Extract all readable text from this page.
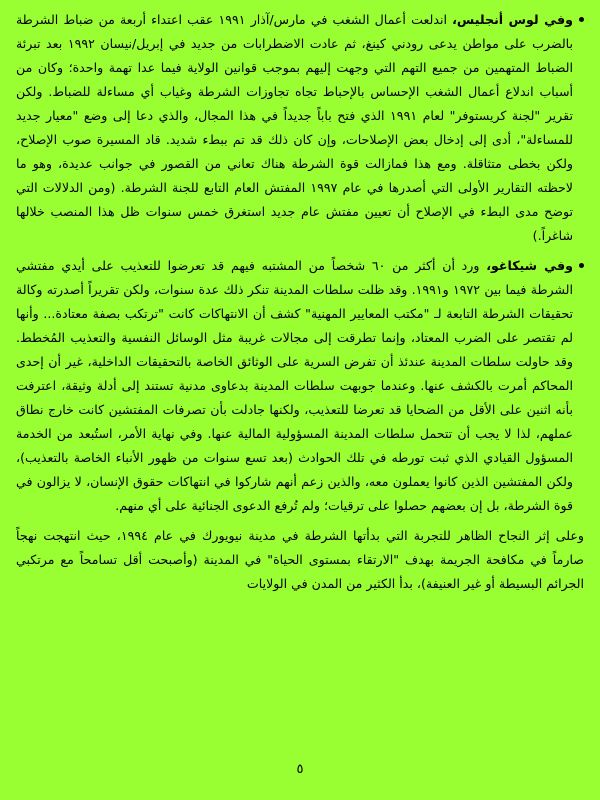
وفي لوس أنجليس، اندلعت أعمال الشغب في مارس/آذار ١٩٩١ عقب اعتداء أربعة من ضباط الشرطة بالضرب على مواطن يدعى رودني كينغ، ثم عادت الاضطرابات من جديد في إبريل/نيسان ١٩٩٢ بعد تبرئة الضباط المتهمين من جميع التهم التي وجهت إليهم بموجب قوانين الولاية فيما عدا تهمة واحدة؛ وكان من أسباب اندلاع أعمال الشغب الإحساس بالإحباط تجاه تجاوزات الشرطة وغياب أي مساءلة للضباط. ولكن تقرير "لجنة كريستوفر" لعام ١٩٩١ الذي فتح باباً جديداً في هذا المجال، والذي دعا إلى وضع "معيار جديد للمساءلة"، أدى إلى إدخال بعض الإصلاحات، وإن كان ذلك قد تم ببطء شديد. قاد المسيرة صوب الإصلاح، ولكن بخطى متثاقلة. ومع هذا فمازالت قوة الشرطة هناك تعاني من القصور في جوانب عديدة، وهو ما لاحظته التقارير الأولى التي أصدرها في عام ١٩٩٧ المفتش العام التابع للجنة الشرطة. (ومن الدلالات التي توضح مدى البطء في الإصلاح أن تعيين مفتش عام جديد استغرق خمس سنوات ظل هذا المنصب خلالها شاغراً.)
وفي شيكاغو، ورد أن أكثر من ٦٠ شخصاً من المشتبه فيهم قد تعرضوا للتعذيب على أيدي مفتشي الشرطة فيما بين ١٩٧٢ و١٩٩١. وقد ظلت سلطات المدينة تنكر ذلك عدة سنوات، ولكن تقريراً أصدرته وكالة تحقيقات الشرطة التابعة لـ "مكتب المعايير المهنية" كشف أن الانتهاكات كانت "ترتكب بصفة معتادة... وأنها لم تقتصر على الضرب المعتاد، وإنما تطرقت إلى مجالات غريبة مثل الوسائل النفسية والتعذيب المُخطط. وقد حاولت سلطات المدينة عندئذ أن تفرض السرية على الوثائق الخاصة بالتحقيقات الداخلية، غير أن إحدى المحاكم أمرت بالكشف عنها. وعندما جوبهت سلطات المدينة بدعاوى مدنية تستند إلى أدلة وثيقة، اعترفت بأنه اثنين على الأقل من الضحايا قد تعرضا للتعذيب، ولكنها جادلت بأن تصرفات المفتشين كانت خارج نطاق عملهم، لذا لا يجب أن تتحمل سلطات المدينة المسؤولية المالية عنها. وفي نهاية الأمر، استُبعد من الخدمة المسؤول القيادي الذي ثبت تورطه في تلك الحوادث (بعد تسع سنوات من ظهور الأنباء الخاصة بالتعذيب)، ولكن المفتشين الذين كانوا يعملون معه، والذين زعم أنهم شاركوا في انتهاكات حقوق الإنسان، لا يزالون في قوة الشرطة، بل إن بعضهم حصلوا على ترقيات؛ ولم تُرفع الدعوى الجنائية على أي منهم.

وعلى إثر النجاح الظاهر للتجربة التي بدأتها الشرطة في مدينة نيويورك في عام ١٩٩٤، حيث انتهجت نهجاً صارماً في مكافحة الجريمة بهدف "الارتقاء بمستوى الحياة" في المدينة (وأصبحت أقل تسامحاً مع مرتكبي الجرائم البسيطة أو غير العنيفة)، بدأ الكثير من المدن في الولايات

٥
